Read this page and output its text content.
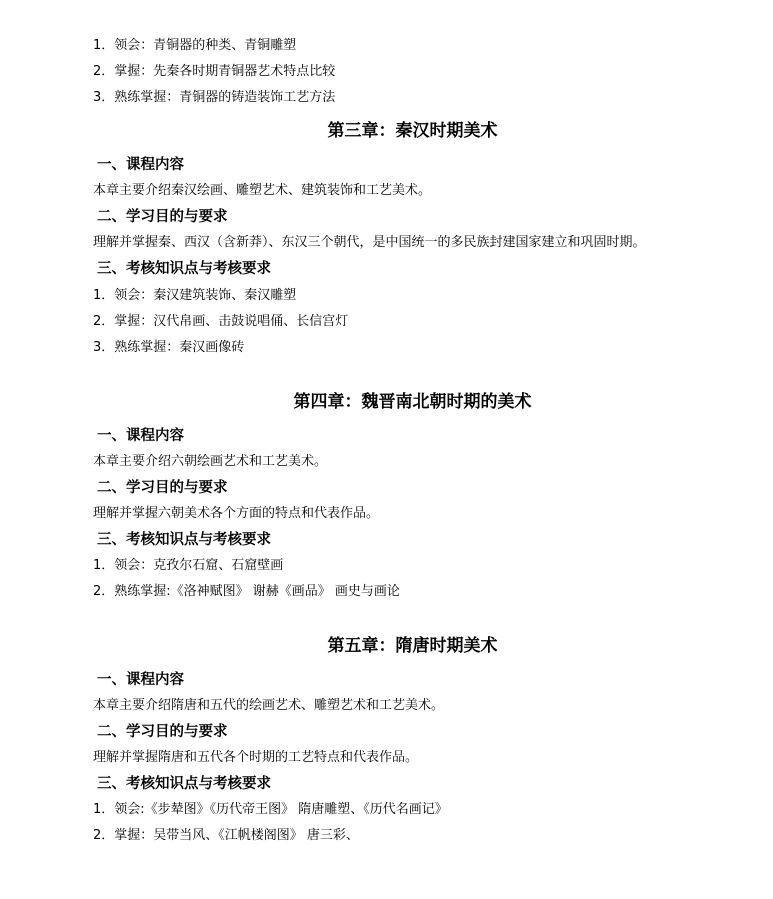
1．领会：青铜器的种类、青铜雕塑
2．掌握：先秦各时期青铜器艺术特点比较
3．熟练掌握：青铜器的铸造装饰工艺方法
第三章：秦汉时期美术
一、课程内容
本章主要介绍秦汉绘画、雕塑艺术、建筑装饰和工艺美术。
二、学习目的与要求
理解并掌握秦、西汉（含新莽）、东汉三个朝代，是中国统一的多民族封建国家建立和巩固时期。
三、考核知识点与考核要求
1．领会：秦汉建筑装饰、秦汉雕塑
2．掌握：汉代帛画、击鼓说唱俑、长信宫灯
3．熟练掌握：秦汉画像砖
第四章：魏晋南北朝时期的美术
一、课程内容
本章主要介绍六朝绘画艺术和工艺美术。
二、学习目的与要求
理解并掌握六朝美术各个方面的特点和代表作品。
三、考核知识点与考核要求
1．领会：克孜尔石窟、石窟壁画
2．熟练掌握:《洛神赋图》 谢赫《画品》 画史与画论
第五章：隋唐时期美术
一、课程内容
本章主要介绍隋唐和五代的绘画艺术、雕塑艺术和工艺美术。
二、学习目的与要求
理解并掌握隋唐和五代各个时期的工艺特点和代表作品。
三、考核知识点与考核要求
1．领会:《步辇图》《历代帝王图》 隋唐雕塑、《历代名画记》
2．掌握：吴带当风、《江帆楼阁图》 唐三彩、
